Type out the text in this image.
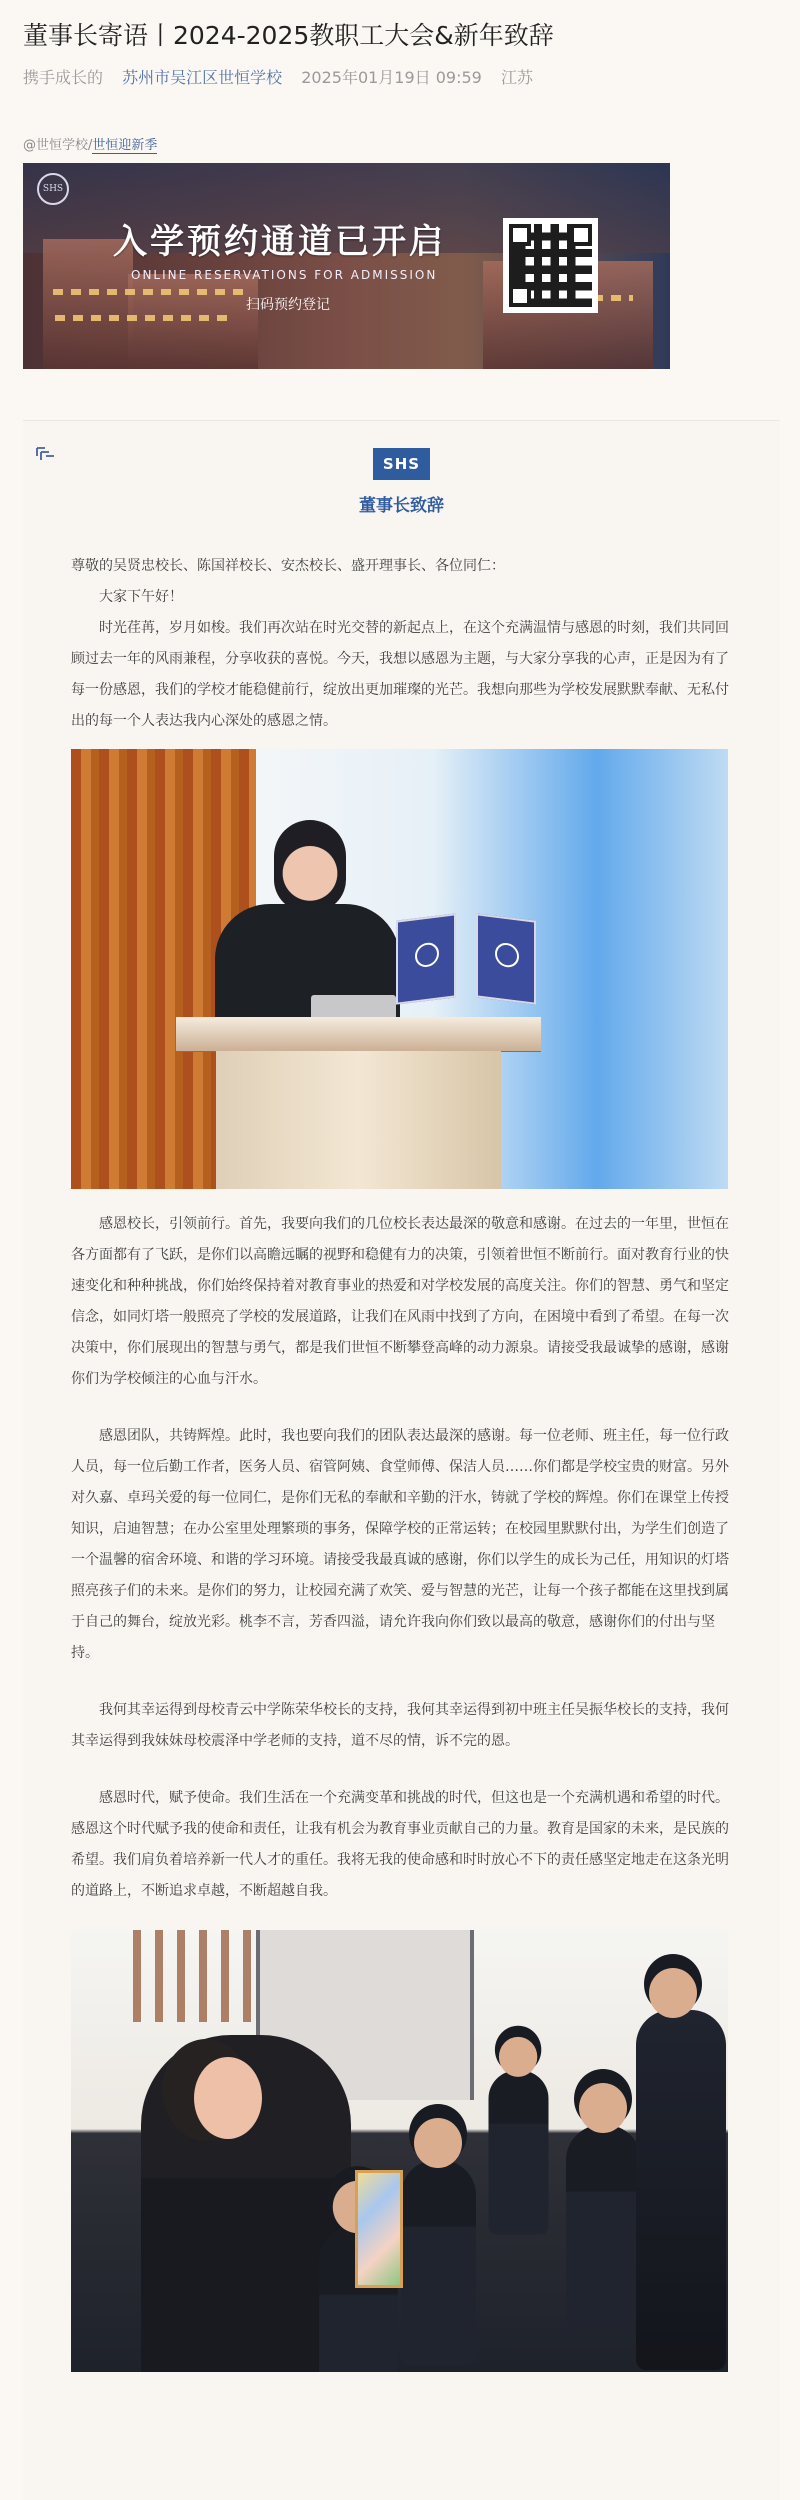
董事长寄语丨2024-2025教职工大会&新年致辞
携手成长的 苏州市吴江区世恒学校 2025年01月19日 09:59 江苏
@世恒学校/世恒迎新季
SHS
入学预约通道已开启
ONLINE RESERVATIONS FOR ADMISSION
扫码预约登记
SHS
董事长致辞

尊敬的吴贤忠校长、陈国祥校长、安杰校长、盛开理事长、各位同仁：

大家下午好！

时光荏苒，岁月如梭。我们再次站在时光交替的新起点上，在这个充满温情与感恩的时刻，我们共同回顾过去一年的风雨兼程，分享收获的喜悦。今天，我想以感恩为主题，与大家分享我的心声，正是因为有了每一份感恩，我们的学校才能稳健前行，绽放出更加璀璨的光芒。我想向那些为学校发展默默奉献、无私付出的每一个人表达我内心深处的感恩之情。

感恩校长，引领前行。首先，我要向我们的几位校长表达最深的敬意和感谢。在过去的一年里，世恒在各方面都有了飞跃，是你们以高瞻远瞩的视野和稳健有力的决策，引领着世恒不断前行。面对教育行业的快速变化和种种挑战，你们始终保持着对教育事业的热爱和对学校发展的高度关注。你们的智慧、勇气和坚定信念，如同灯塔一般照亮了学校的发展道路，让我们在风雨中找到了方向，在困境中看到了希望。在每一次决策中，你们展现出的智慧与勇气，都是我们世恒不断攀登高峰的动力源泉。请接受我最诚挚的感谢，感谢你们为学校倾注的心血与汗水。

感恩团队，共铸辉煌。此时，我也要向我们的团队表达最深的感谢。每一位老师、班主任，每一位行政人员，每一位后勤工作者，医务人员、宿管阿姨、食堂师傅、保洁人员……你们都是学校宝贵的财富。另外对久嘉、卓玛关爱的每一位同仁，是你们无私的奉献和辛勤的汗水，铸就了学校的辉煌。你们在课堂上传授知识，启迪智慧；在办公室里处理繁琐的事务，保障学校的正常运转；在校园里默默付出，为学生们创造了一个温馨的宿舍环境、和谐的学习环境。请接受我最真诚的感谢，你们以学生的成长为己任，用知识的灯塔照亮孩子们的未来。是你们的努力，让校园充满了欢笑、爱与智慧的光芒，让每一个孩子都能在这里找到属于自己的舞台，绽放光彩。桃李不言，芳香四溢，请允许我向你们致以最高的敬意，感谢你们的付出与坚持。

我何其幸运得到母校青云中学陈荣华校长的支持，我何其幸运得到初中班主任吴振华校长的支持，我何其幸运得到我妹妹母校震泽中学老师的支持，道不尽的情，诉不完的恩。

感恩时代，赋予使命。我们生活在一个充满变革和挑战的时代，但这也是一个充满机遇和希望的时代。感恩这个时代赋予我的使命和责任，让我有机会为教育事业贡献自己的力量。教育是国家的未来，是民族的希望。我们肩负着培养新一代人才的重任。我将无我的使命感和时时放心不下的责任感坚定地走在这条光明的道路上，不断追求卓越，不断超越自我。
